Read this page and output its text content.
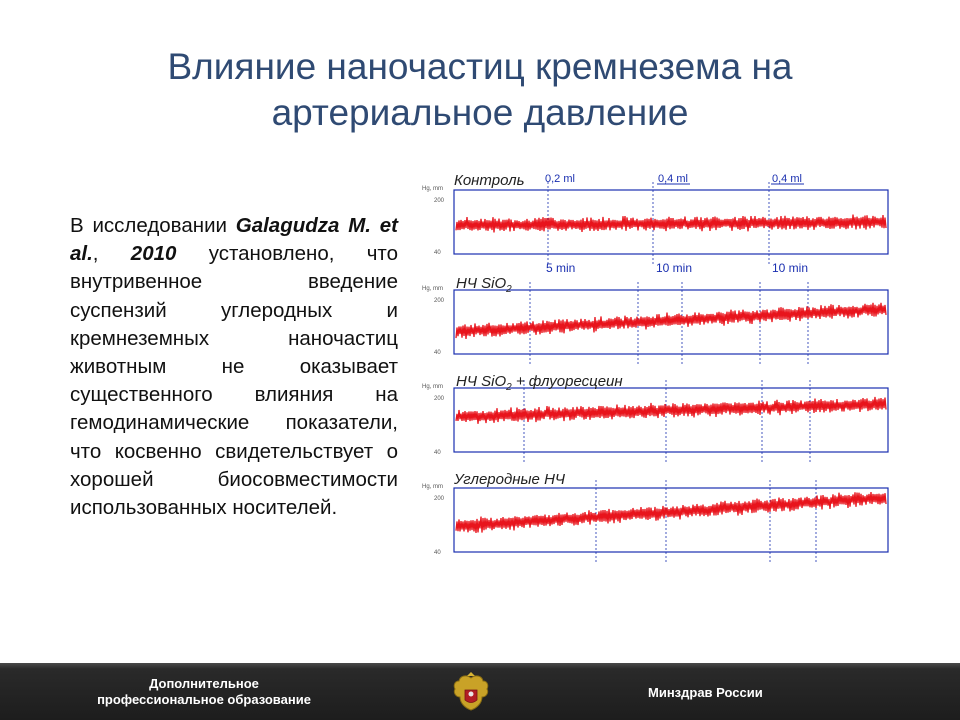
Влияние наночастиц кремнезема на
артериальное давление

В исследовании Galagudza M. et al., 2010 установлено, что внутривенное введение суспензий углеродных и кремнеземных наночастиц животным не оказывает существенного влияния на гемодинамические показатели, что косвенно свидетельствует о хорошей биосовместимости использованных носителей.

Контроль
НЧ SiO$_2$
НЧ SiO$_2$ + флуоресцеин
Углеродные НЧ
0,2 ml	0,4 ml	0,4 ml
5 min	10 min	10 min
Hg, mm
200
40
Hg, mm
200
40
Hg, mm
200
40
Hg, mm
200
40
Дополнительное
профессиональное образование	Минздрав России
